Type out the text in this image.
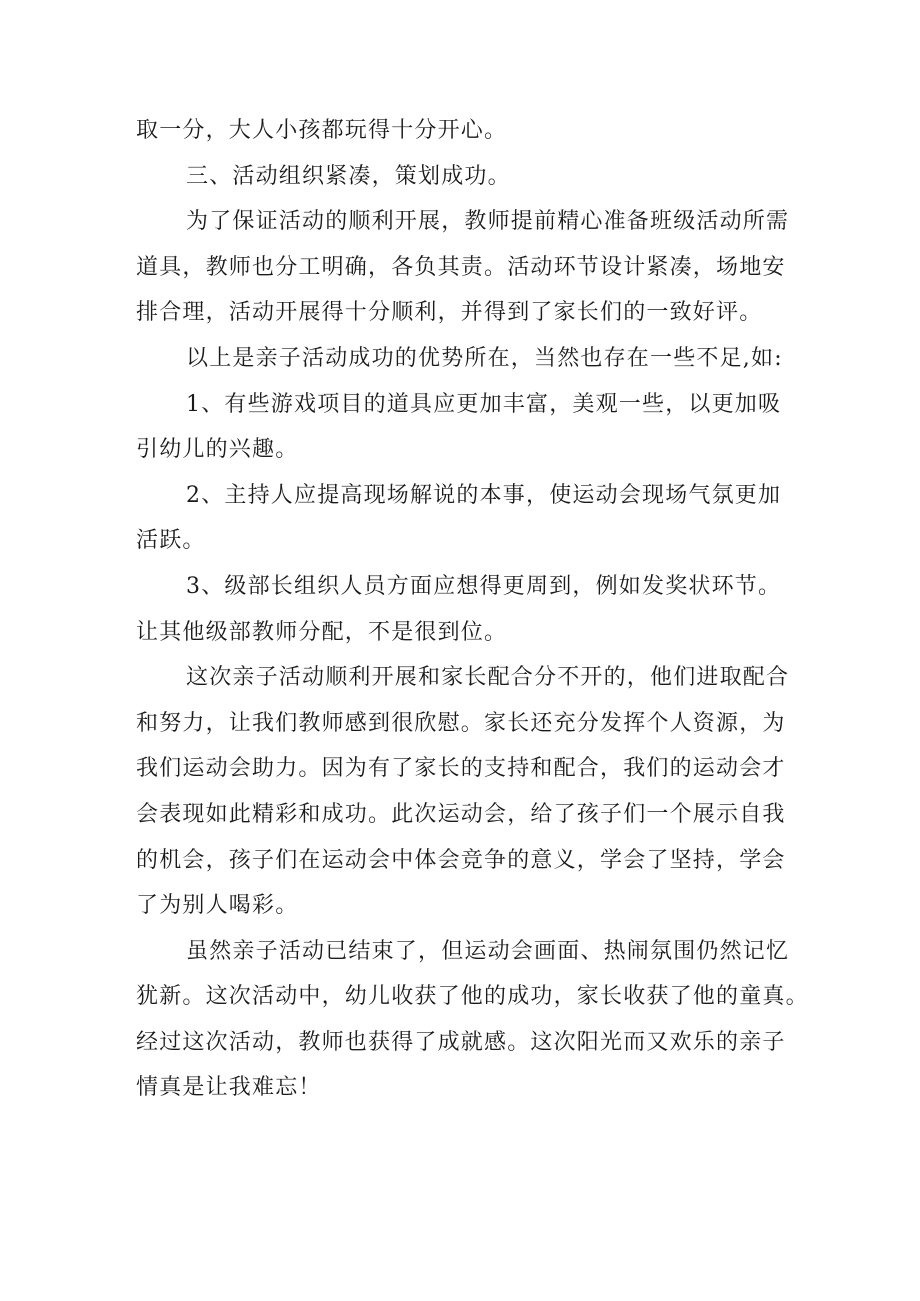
取一分，大人小孩都玩得十分开心。
三、活动组织紧凑，策划成功。
为了保证活动的顺利开展，教师提前精心准备班级活动所需
道具，教师也分工明确，各负其责。活动环节设计紧凑，场地安
排合理，活动开展得十分顺利，并得到了家长们的一致好评。
以上是亲子活动成功的优势所在，当然也存在一些不足,如:
1、有些游戏项目的道具应更加丰富，美观一些，以更加吸
引幼儿的兴趣。
2、主持人应提高现场解说的本事，使运动会现场气氛更加
活跃。
3、级部长组织人员方面应想得更周到，例如发奖状环节。
让其他级部教师分配，不是很到位。
这次亲子活动顺利开展和家长配合分不开的，他们进取配合
和努力，让我们教师感到很欣慰。家长还充分发挥个人资源，为
我们运动会助力。因为有了家长的支持和配合，我们的运动会才
会表现如此精彩和成功。此次运动会，给了孩子们一个展示自我
的机会，孩子们在运动会中体会竞争的意义，学会了坚持，学会
了为别人喝彩。
虽然亲子活动已结束了，但运动会画面、热闹氛围仍然记忆
犹新。这次活动中，幼儿收获了他的成功，家长收获了他的童真。
经过这次活动，教师也获得了成就感。这次阳光而又欢乐的亲子
情真是让我难忘！
